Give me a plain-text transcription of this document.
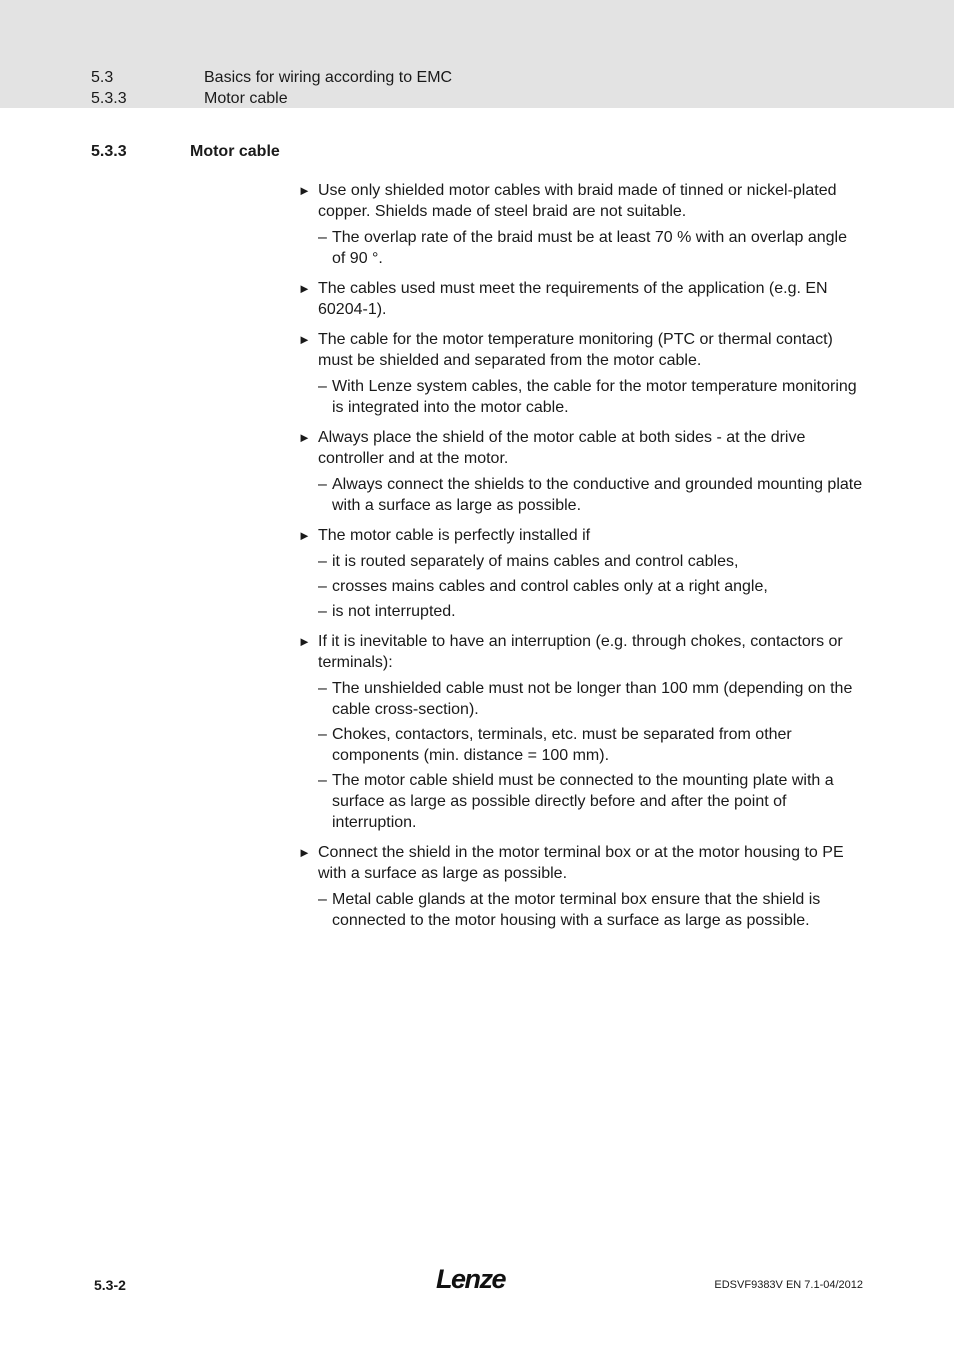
5.3	Basics for wiring according to EMC
5.3.3	Motor cable
5.3.3	Motor cable
► Use only shielded motor cables with braid made of tinned or nickel-plated copper. Shields made of steel braid are not suitable.
– The overlap rate of the braid must be at least 70 % with an overlap angle of 90 °.
► The cables used must meet the requirements of the application (e.g. EN 60204-1).
► The cable for the motor temperature monitoring (PTC or thermal contact) must be shielded and separated from the motor cable.
– With Lenze system cables, the cable for the motor temperature monitoring is integrated into the motor cable.
► Always place the shield of the motor cable at both sides - at the drive controller and at the motor.
– Always connect the shields to the conductive and grounded mounting plate with a surface as large as possible.
► The motor cable is perfectly installed if
– it is routed separately of mains cables and control cables,
– crosses mains cables and control cables only at a right angle,
– is not interrupted.
► If it is inevitable to have an interruption (e.g. through chokes, contactors or terminals):
– The unshielded cable must not be longer than 100 mm (depending on the cable cross-section).
– Chokes, contactors, terminals, etc. must be separated from other components (min. distance = 100 mm).
– The motor cable shield must be connected to the mounting plate with a surface as large as possible directly before and after the point of interruption.
► Connect the shield in the motor terminal box or at the motor housing to PE with a surface as large as possible.
– Metal cable glands at the motor terminal box ensure that the shield is connected to the motor housing with a surface as large as possible.
5.3-2	Lenze	EDSVF9383V EN 7.1-04/2012
